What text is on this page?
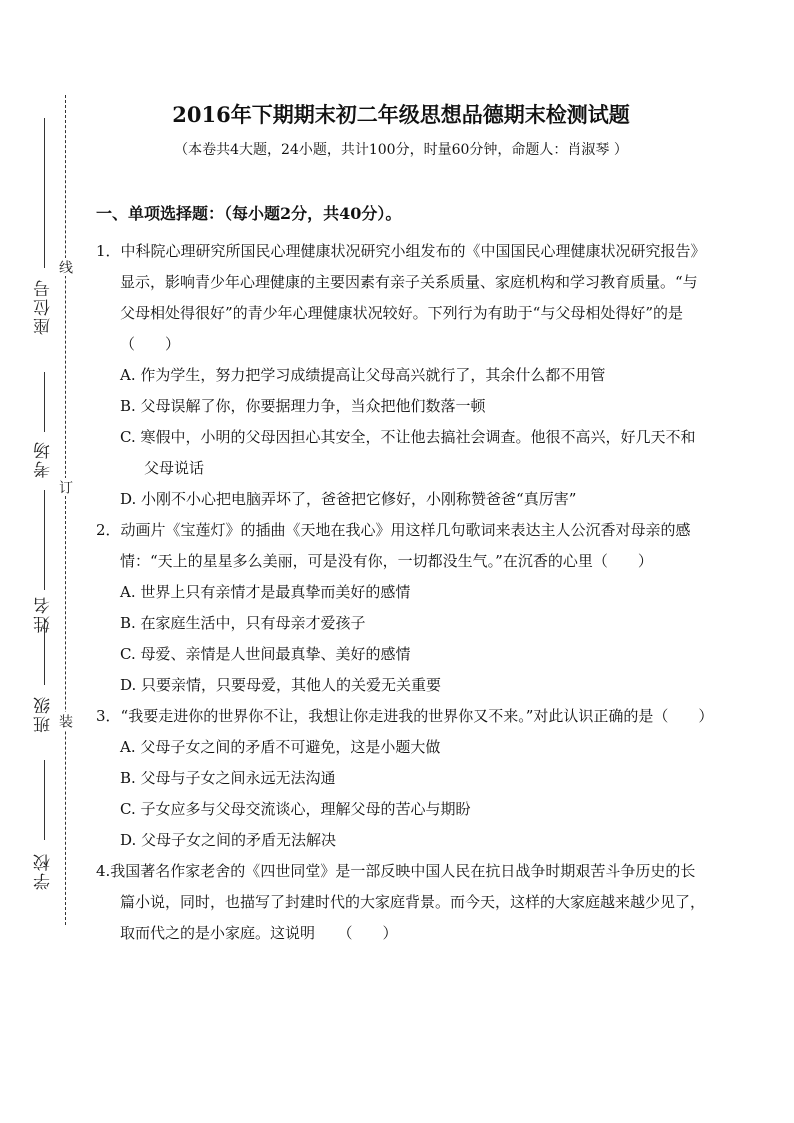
座位号
考场
姓名
班级
学校
线
订
装
2016年下期期末初二年级思想品德期末检测试题
（本卷共4大题，24小题，共计100分，时量60分钟，命题人：肖淑琴 ）
一、单项选择题：（每小题2分，共40分）。
1．中科院心理研究所国民心理健康状况研究小组发布的《中国国民心理健康状况研究报告》显示，影响青少年心理健康的主要因素有亲子关系质量、家庭机构和学习教育质量。“与父母相处得很好”的青少年心理健康状况较好。下列行为有助于“与父母相处得好”的是（　　）
A. 作为学生，努力把学习成绩提高让父母高兴就行了，其余什么都不用管
B. 父母误解了你，你要据理力争，当众把他们数落一顿
C. 寒假中，小明的父母因担心其安全，不让他去搞社会调查。他很不高兴，好几天不和父母说话
D. 小刚不小心把电脑弄坏了，爸爸把它修好，小刚称赞爸爸“真厉害”
2．动画片《宝莲灯》的插曲《天地在我心》用这样几句歌词来表达主人公沉香对母亲的感情：“天上的星星多么美丽，可是没有你，一切都没生气。”在沉香的心里（　　）
A. 世界上只有亲情才是最真挚而美好的感情
B. 在家庭生活中，只有母亲才爱孩子
C. 母爱、亲情是人世间最真挚、美好的感情
D. 只要亲情，只要母爱，其他人的关爱无关重要
3．“我要走进你的世界你不让，我想让你走进我的世界你又不来。”对此认识正确的是（　　）
A. 父母子女之间的矛盾不可避免，这是小题大做
B. 父母与子女之间永远无法沟通
C. 子女应多与父母交流谈心，理解父母的苦心与期盼
D. 父母子女之间的矛盾无法解决
4.我国著名作家老舍的《四世同堂》是一部反映中国人民在抗日战争时期艰苦斗争历史的长篇小说，同时，也描写了封建时代的大家庭背景。而今天，这样的大家庭越来越少见了，取而代之的是小家庭。这说明　　（　　）
